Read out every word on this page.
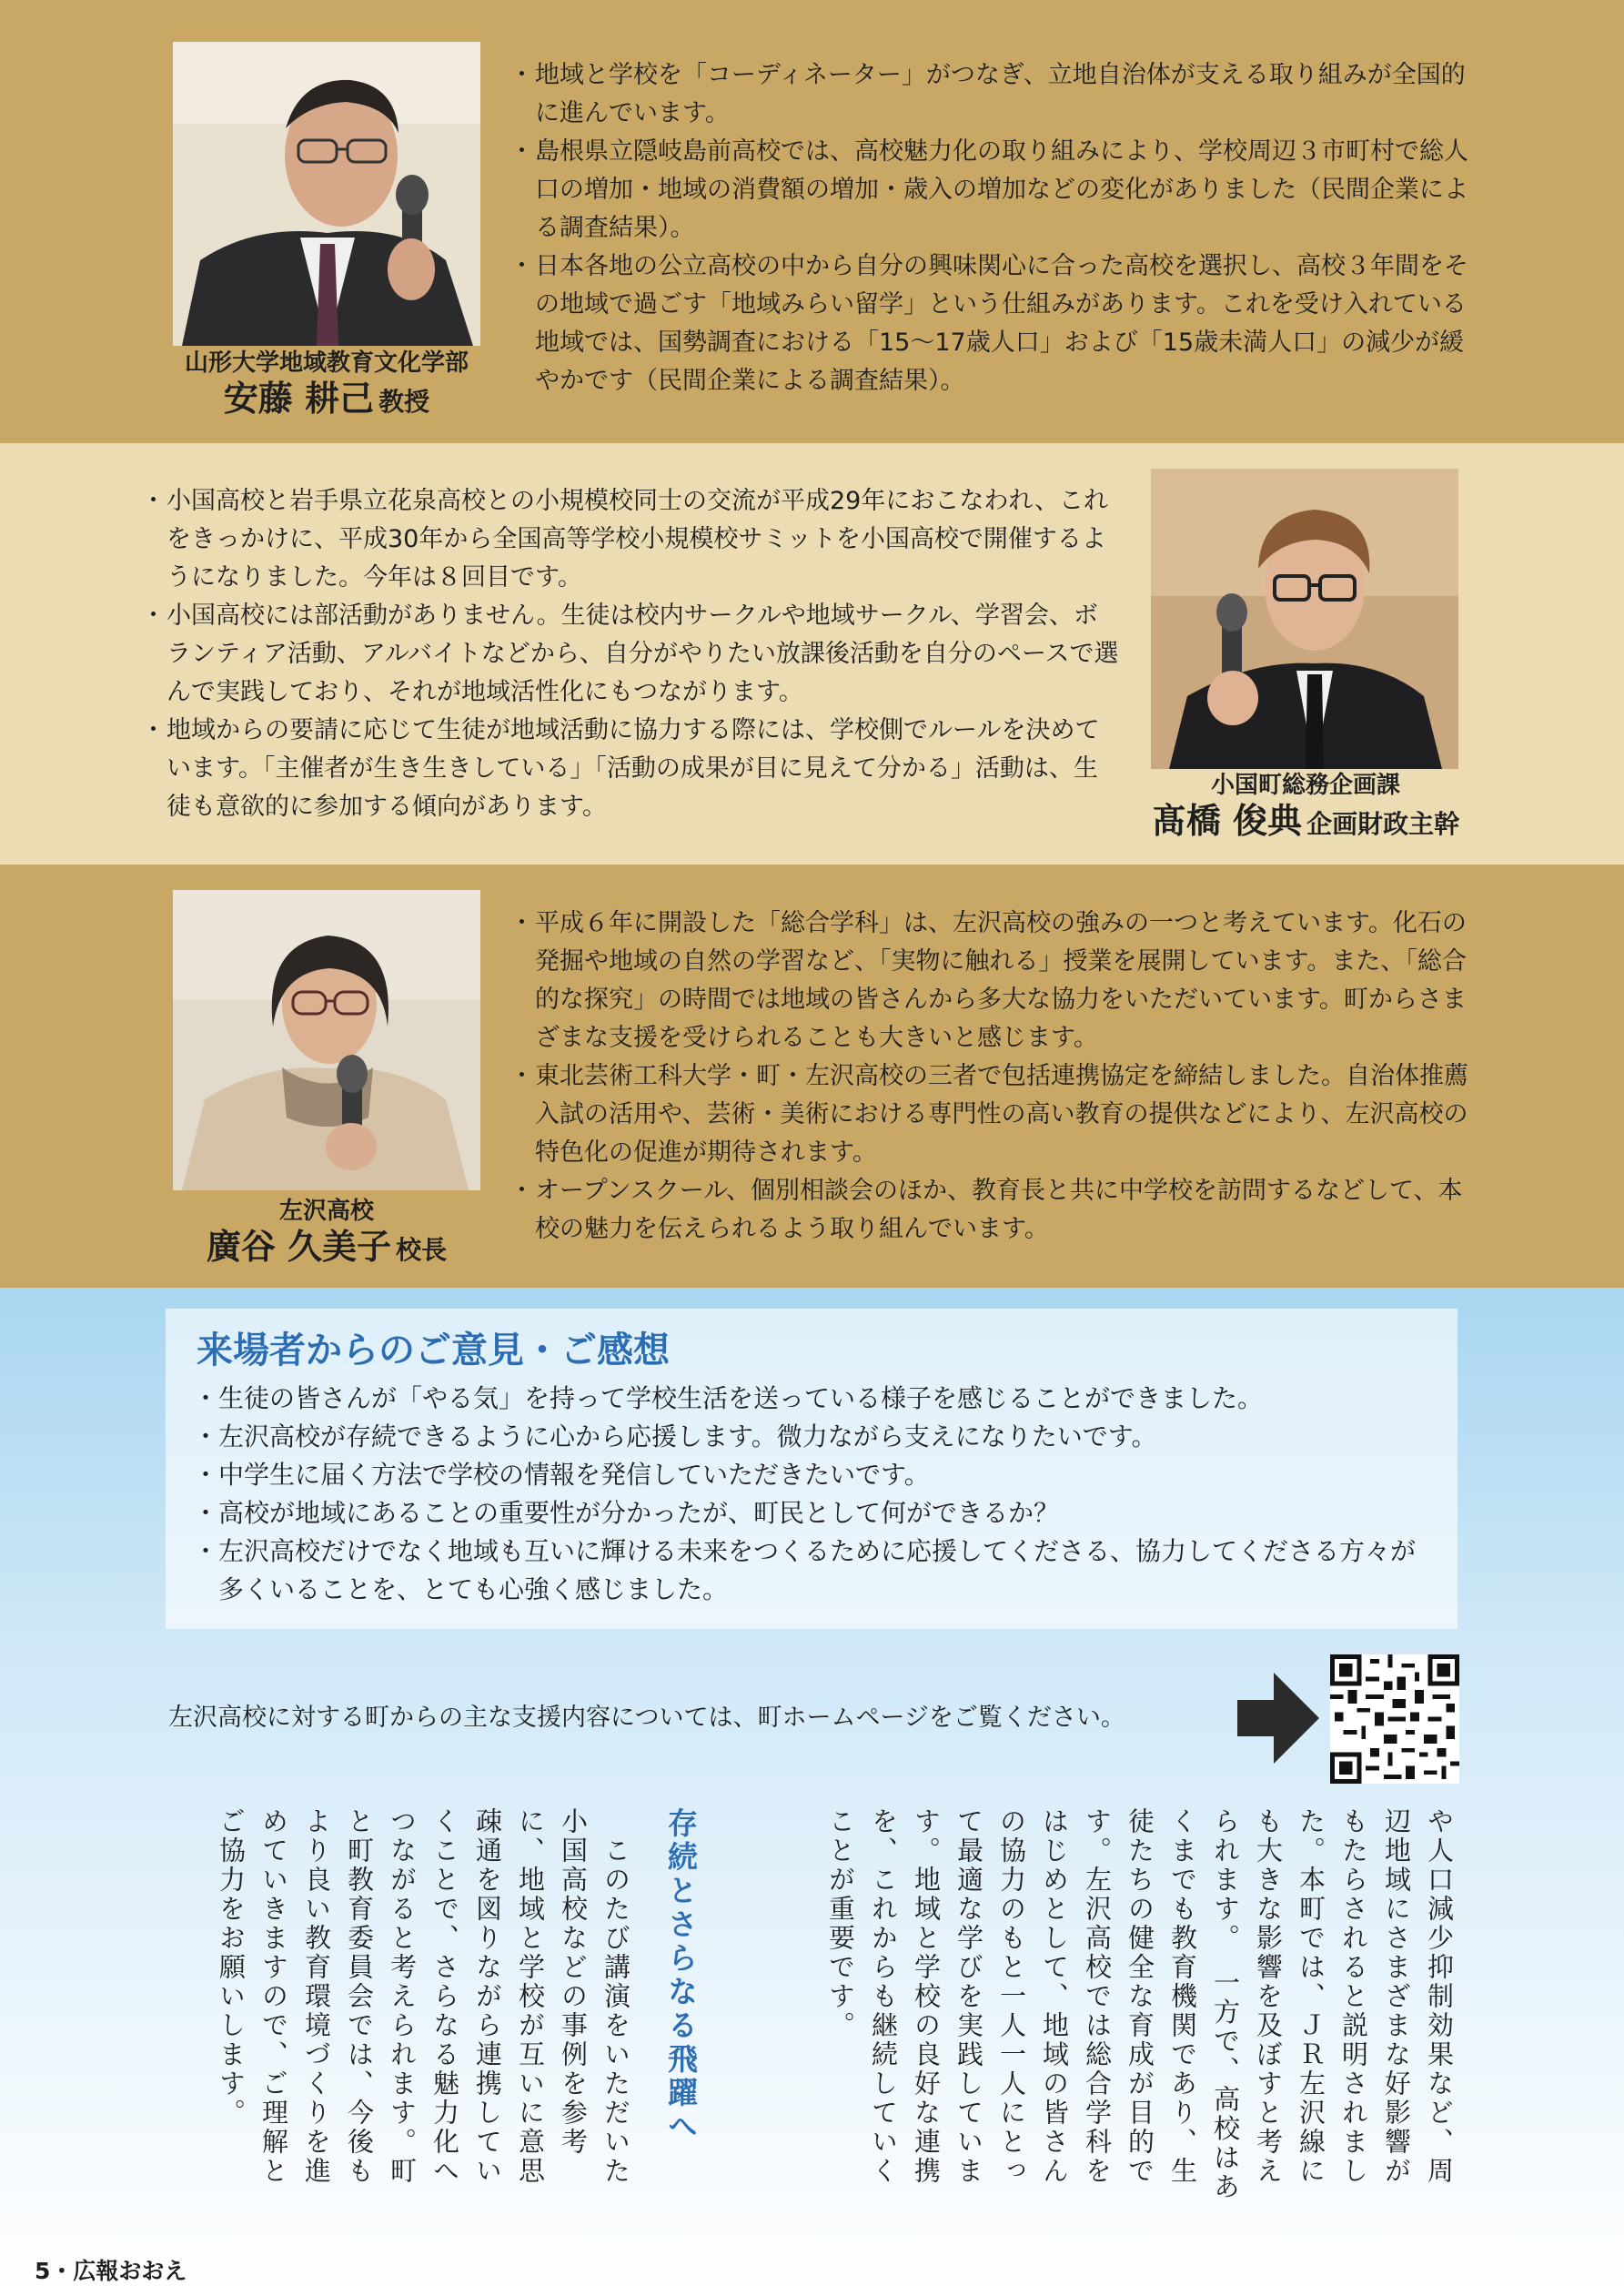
山形大学地域教育文化学部
安藤 耕己 教授
・ 地域と学校を「コーディネーター」がつなぎ、立地自治体が支える取り組みが全国的に進んでいます。
・ 島根県立隠岐島前高校では、高校魅力化の取り組みにより、学校周辺３市町村で総人口の増加・地域の消費額の増加・歳入の増加などの変化がありました（民間企業による調査結果）。
・ 日本各地の公立高校の中から自分の興味関心に合った高校を選択し、高校３年間をその地域で過ごす「地域みらい留学」という仕組みがあります。これを受け入れている地域では、国勢調査における「15～17歳人口」および「15歳未満人口」の減少が緩やかです（民間企業による調査結果）。
・ 小国高校と岩手県立花泉高校との小規模校同士の交流が平成29年におこなわれ、これをきっかけに、平成30年から全国高等学校小規模校サミットを小国高校で開催するようになりました。今年は８回目です。
・ 小国高校には部活動がありません。生徒は校内サークルや地域サークル、学習会、ボランティア活動、アルバイトなどから、自分がやりたい放課後活動を自分のペースで選んで実践しており、それが地域活性化にもつながります。
・ 地域からの要請に応じて生徒が地域活動に協力する際には、学校側でルールを決めています。「主催者が生き生きしている」「活動の成果が目に見えて分かる」活動は、生徒も意欲的に参加する傾向があります。
小国町総務企画課
髙橋 俊典 企画財政主幹
左沢高校
廣谷 久美子 校長
・ 平成６年に開設した「総合学科」は、左沢高校の強みの一つと考えています。化石の発掘や地域の自然の学習など、「実物に触れる」授業を展開しています。また、「総合的な探究」の時間では地域の皆さんから多大な協力をいただいています。町からさまざまな支援を受けられることも大きいと感じます。
・ 東北芸術工科大学・町・左沢高校の三者で包括連携協定を締結しました。自治体推薦入試の活用や、芸術・美術における専門性の高い教育の提供などにより、左沢高校の特色化の促進が期待されます。
・ オープンスクール、個別相談会のほか、教育長と共に中学校を訪問するなどして、本校の魅力を伝えられるよう取り組んでいます。
来場者からのご意見・ご感想
・ 生徒の皆さんが「やる気」を持って学校生活を送っている様子を感じることができました。
・ 左沢高校が存続できるように心から応援します。微力ながら支えになりたいです。
・ 中学生に届く方法で学校の情報を発信していただきたいです。
・ 高校が地域にあることの重要性が分かったが、町民として何ができるか？
・ 左沢高校だけでなく地域も互いに輝ける未来をつくるために応援してくださる、協力してくださる方々が多くいることを、とても心強く感じました。
左沢高校に対する町からの主な支援内容については、町ホームページをご覧ください。
や人口減少抑制効果など、周辺地域にさまざまな好影響がもたらされると説明されました。本町では、ＪＲ左沢線にも大きな影響を及ぼすと考えられます。　一方で、高校はあくまでも教育機関であり、生徒たちの健全な育成が目的です。左沢高校では総合学科をはじめとして、地域の皆さんの協力のもと一人一人にとって最適な学びを実践しています。地域と学校の良好な連携を、これからも継続していくことが重要です。
存続とさらなる飛躍へ
　このたび講演をいただいた小国高校などの事例を参考に、地域と学校が互いに意思疎通を図りながら連携していくことで、さらなる魅力化へつながると考えられます。町と町教育委員会では、今後もより良い教育環境づくりを進めていきますので、ご理解とご協力をお願いします。
5・広報おおえ
